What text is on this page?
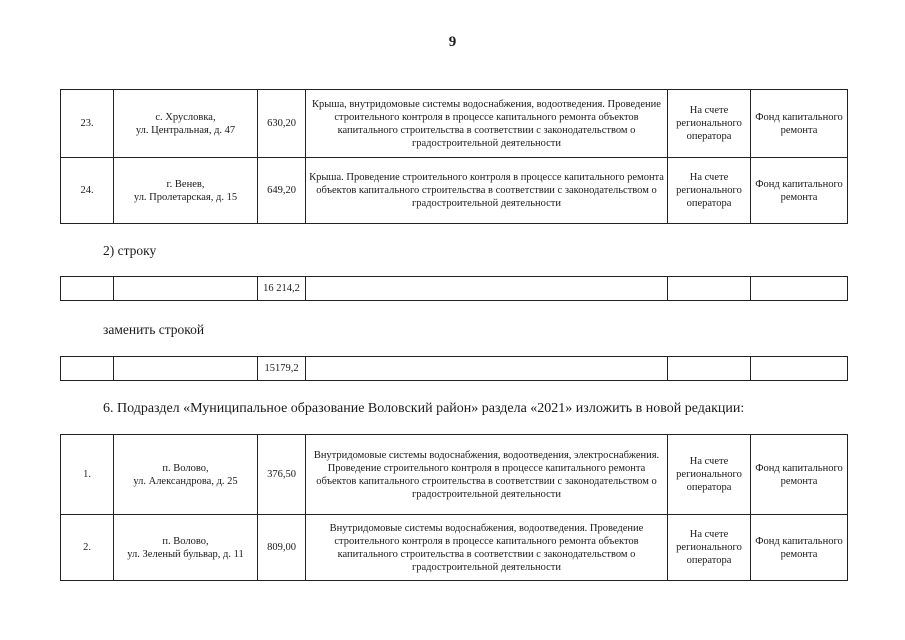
9
23.	с. Хрусловка,
ул. Центральная, д. 47	630,20	Крыша, внутридомовые системы водоснабжения, водоотведения. Проведение строительного контроля в процессе капитального ремонта объектов капитального строительства в соответствии с законодательством о градостроительной деятельности	На счете регионального оператора	Фонд капитального ремонта
24.	г. Венев,
ул. Пролетарская, д. 15	649,20	Крыша. Проведение строительного контроля в процессе капитального ремонта объектов капитального строительства в соответствии с законодательством о градостроительной деятельности	На счете регионального оператора	Фонд капитального ремонта
2) строку
		16 214,2			
заменить строкой
		15179,2			
6. Подраздел «Муниципальное образование Воловский район» раздела «2021» изложить в новой редакции:
1.	п. Волово,
ул. Александрова, д. 25	376,50	Внутридомовые системы водоснабжения, водоотведения, электроснабжения. Проведение строительного контроля в процессе капитального ремонта объектов капитального строительства в соответствии с законодательством о градостроительной деятельности	На счете регионального оператора	Фонд капитального ремонта
2.	п. Волово,
ул. Зеленый бульвар, д. 11	809,00	Внутридомовые системы водоснабжения, водоотведения. Проведение строительного контроля в процессе капитального ремонта объектов капитального строительства в соответствии с законодательством о градостроительной деятельности	На счете регионального оператора	Фонд капитального ремонта
